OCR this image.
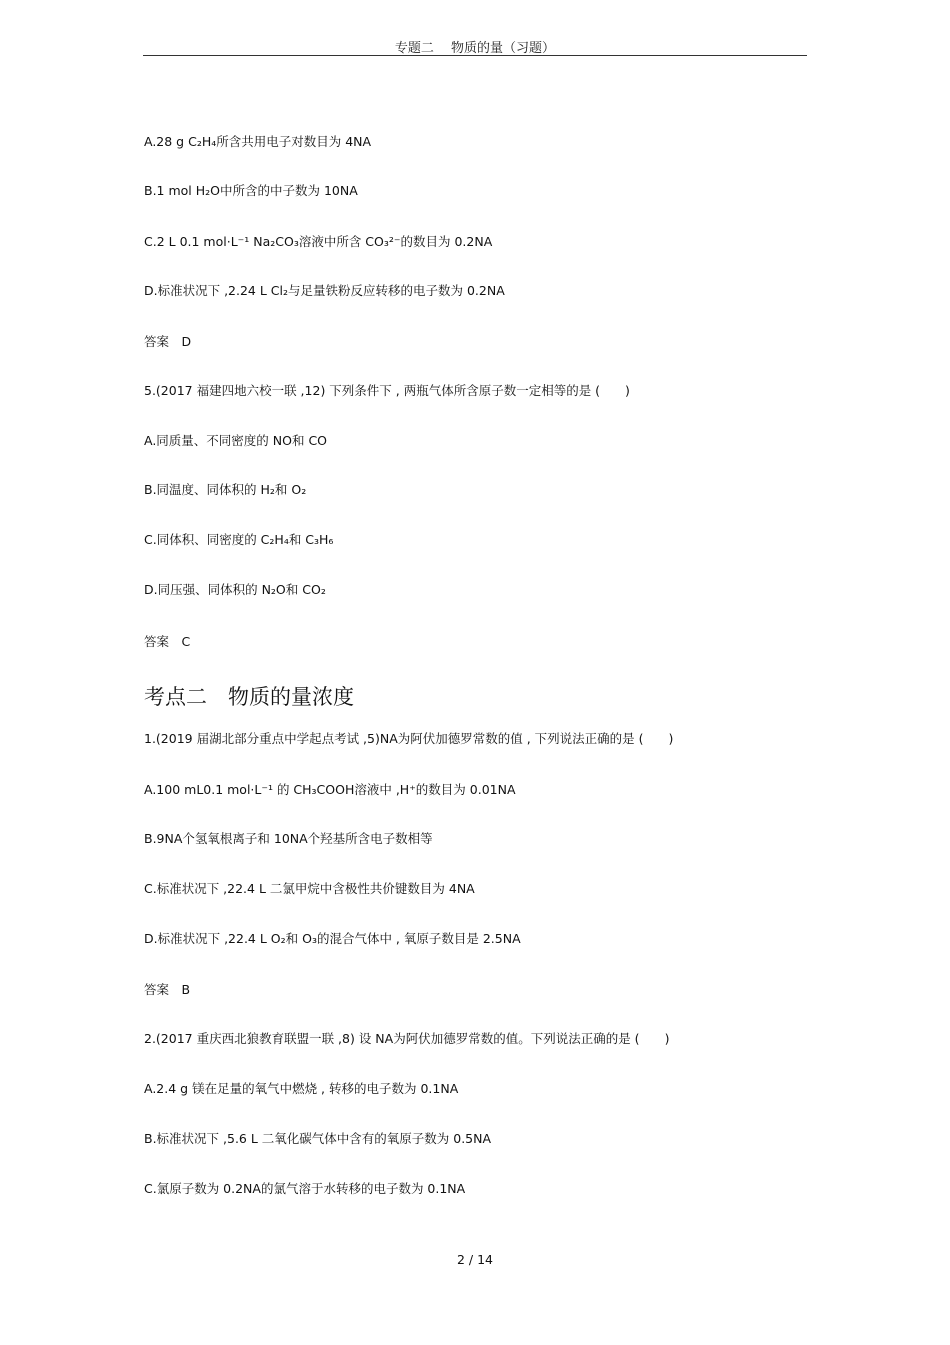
专题二　 物质的量（习题）
A.28 g C₂H₄所含共用电子对数目为 4NA
B.1 mol H₂O中所含的中子数为 10NA
C.2 L 0.1 mol·L⁻¹ Na₂CO₃溶液中所含 CO₃²⁻的数目为 0.2NA
D.标准状况下 ,2.24 L Cl₂与足量铁粉反应转移的电子数为 0.2NA
答案　D
5.(2017 福建四地六校一联 ,12) 下列条件下 , 两瓶气体所含原子数一定相等的是 (　　)
A.同质量、不同密度的 NO和 CO
B.同温度、同体积的 H₂和 O₂
C.同体积、同密度的 C₂H₄和 C₃H₆
D.同压强、同体积的 N₂O和 CO₂
答案　C
考点二　物质的量浓度
1.(2019 届湖北部分重点中学起点考试 ,5)NA为阿伏加德罗常数的值 , 下列说法正确的是 (　　)
A.100 mL0.1 mol·L⁻¹ 的 CH₃COOH溶液中 ,H⁺的数目为 0.01NA
B.9NA个氢氧根离子和 10NA个羟基所含电子数相等
C.标准状况下 ,22.4 L 二氯甲烷中含极性共价键数目为 4NA
D.标准状况下 ,22.4 L O₂和 O₃的混合气体中 , 氧原子数目是 2.5NA
答案　B
2.(2017 重庆西北狼教育联盟一联 ,8) 设 NA为阿伏加德罗常数的值。下列说法正确的是 (　　)
A.2.4 g 镁在足量的氧气中燃烧 , 转移的电子数为 0.1NA
B.标准状况下 ,5.6 L 二氧化碳气体中含有的氧原子数为 0.5NA
C.氯原子数为 0.2NA的氯气溶于水转移的电子数为 0.1NA
2 / 14
